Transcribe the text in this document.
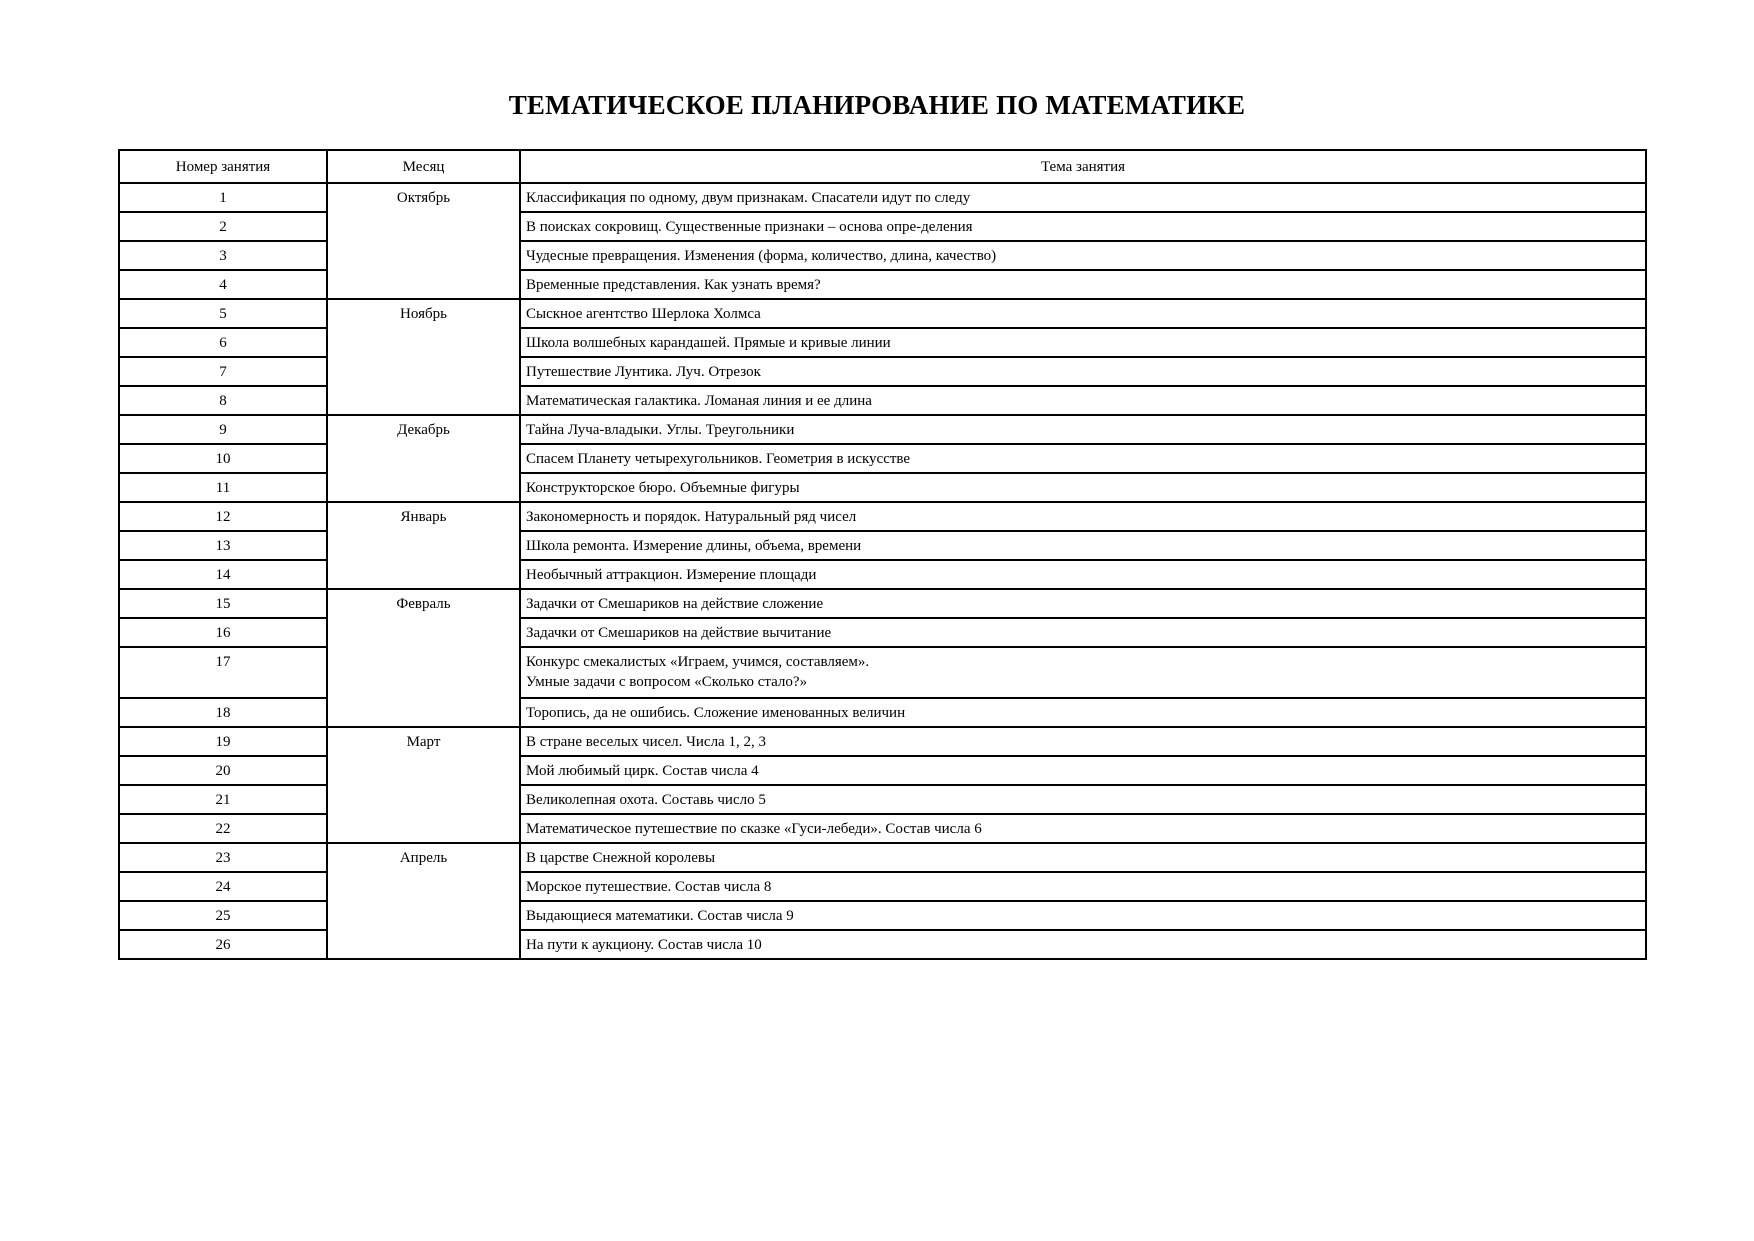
ТЕМАТИЧЕСКОЕ ПЛАНИРОВАНИЕ ПО МАТЕМАТИКЕ
Номер занятия	Месяц	Тема занятия
1	Октябрь	Классификация по одному, двум признакам. Спасатели идут по следу
2		В поисках сокровищ. Существенные признаки – основа опре-деления
3		Чудесные превращения. Изменения (форма, количество, длина, качество)
4		Временные представления. Как узнать время?
5	Ноябрь	Сыскное агентство Шерлока Холмса
6		Школа волшебных карандашей. Прямые и кривые линии
7		Путешествие Лунтика. Луч. Отрезок
8		Математическая галактика. Ломаная линия и ее длина
9	Декабрь	Тайна Луча-владыки. Углы. Треугольники
10		Спасем Планету четырехугольников. Геометрия в искусстве
11		Конструкторское бюро. Объемные фигуры
12	Январь	Закономерность и порядок. Натуральный ряд чисел
13		Школа ремонта. Измерение длины, объема, времени
14		Необычный аттракцион. Измерение площади
15	Февраль	Задачки от Смешариков на действие сложение
16		Задачки от Смешариков на действие вычитание
17		Конкурс смекалистых «Играем, учимся, составляем».
Умные задачи с вопросом «Сколько стало?»

18		Торопись, да не ошибись. Сложение именованных величин
19	Март	В стране веселых чисел. Числа 1, 2, 3
20		Мой любимый цирк. Состав числа 4
21		Великолепная охота. Составь число 5
22		Математическое путешествие по сказке «Гуси-лебеди». Состав числа 6
23	Апрель	В царстве Снежной королевы
24		Морское путешествие. Состав числа 8
25		Выдающиеся математики. Состав числа 9
26		На пути к аукциону. Состав числа 10
